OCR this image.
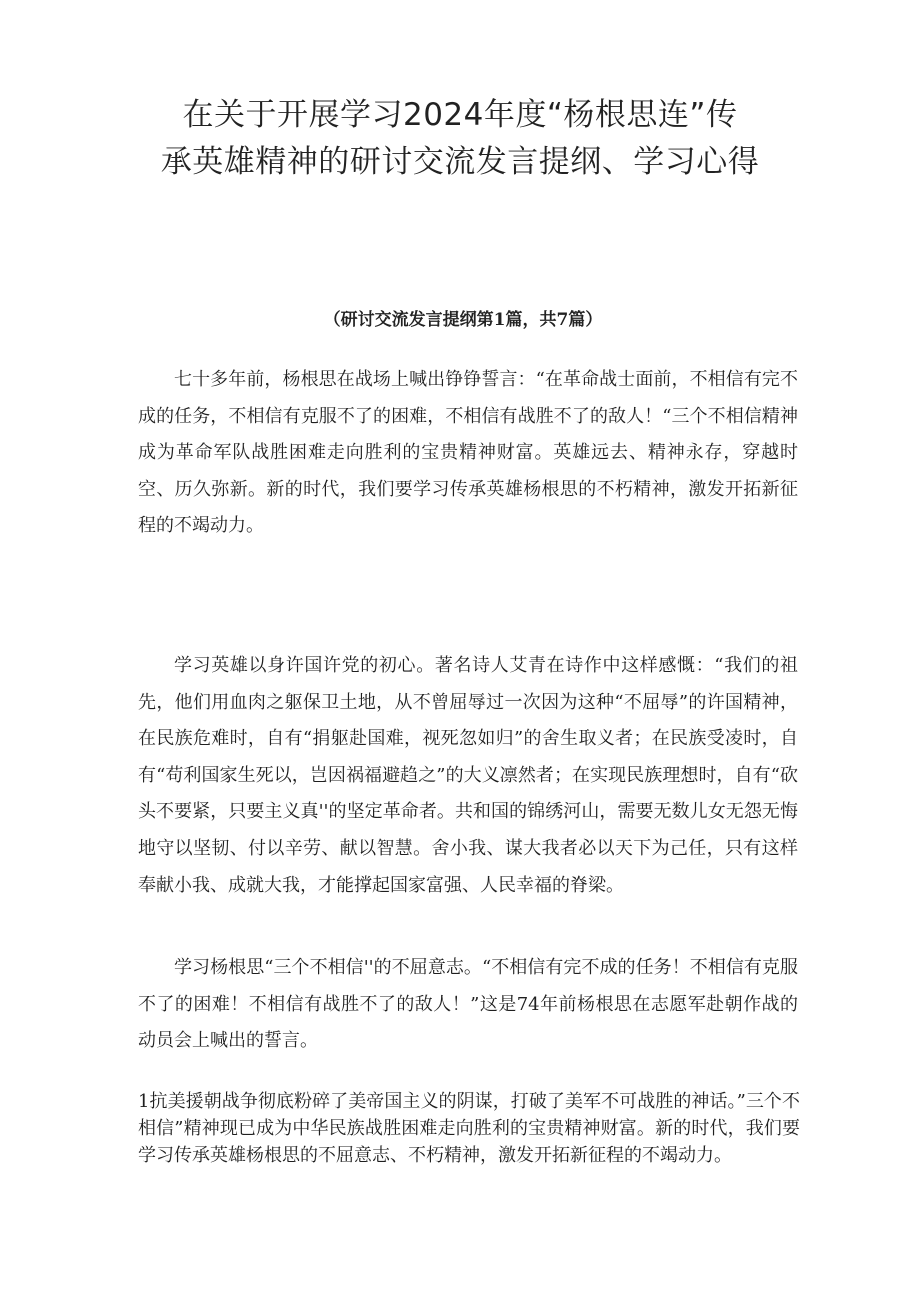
在关于开展学习2024年度“杨根思连”传
承英雄精神的研讨交流发言提纲、学习心得
（研讨交流发言提纲第1篇，共7篇）

七十多年前，杨根思在战场上喊出铮铮誓言：“在革命战士面前，不相信有完不成的任务，不相信有克服不了的困难，不相信有战胜不了的敌人！“三个不相信精神成为革命军队战胜困难走向胜利的宝贵精神财富。英雄远去、精神永存，穿越时空、历久弥新。新的时代，我们要学习传承英雄杨根思的不朽精神，激发开拓新征程的不竭动力。

学习英雄以身许国许党的初心。著名诗人艾青在诗作中这样感慨：“我们的祖先，他们用血肉之躯保卫土地，从不曾屈辱过一次因为这种“不屈辱”的许国精神，在民族危难时，自有“捐躯赴国难，视死忽如归”的舍生取义者；在民族受凌时，自有“苟利国家生死以，岂因祸福避趋之”的大义凛然者；在实现民族理想时，自有“砍头不要紧，只要主义真''的坚定革命者。共和国的锦绣河山，需要无数儿女无怨无悔地守以坚韧、付以辛劳、献以智慧。舍小我、谋大我者必以天下为己任，只有这样奉献小我、成就大我，才能撑起国家富强、人民幸福的脊梁。

学习杨根思“三个不相信''的不屈意志。“不相信有完不成的任务！不相信有克服不了的困难！不相信有战胜不了的敌人！”这是74年前杨根思在志愿军赴朝作战的动员会上喊出的誓言。

1抗美援朝战争彻底粉碎了美帝国主义的阴谋，打破了美军不可战胜的神话。”三个不相信”精神现已成为中华民族战胜困难走向胜利的宝贵精神财富。新的时代，我们要学习传承英雄杨根思的不屈意志、不朽精神，激发开拓新征程的不竭动力。
